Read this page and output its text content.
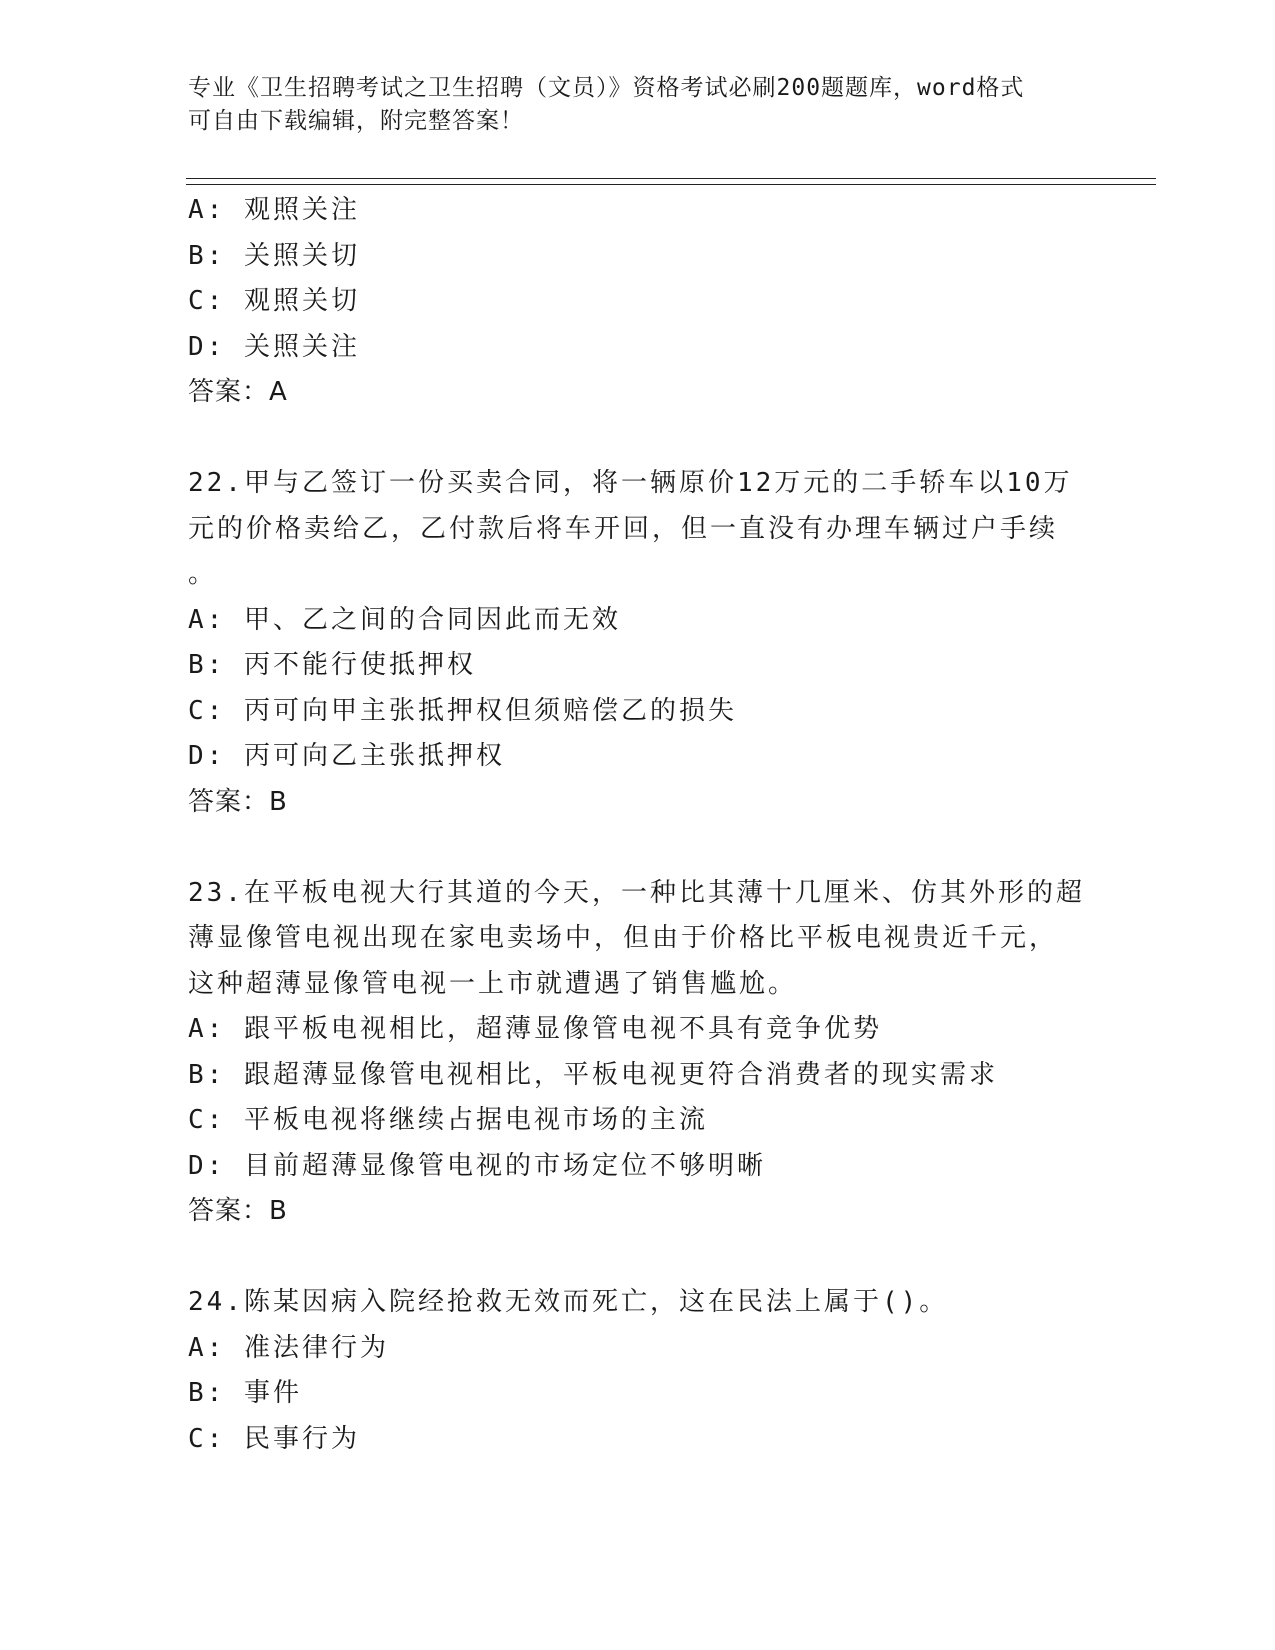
专业《卫生招聘考试之卫生招聘（文员）》资格考试必刷200题题库，word格式
可自由下载编辑，附完整答案！
A: 观照关注
B: 关照关切
C: 观照关切
D: 关照关注
答案：A
22.甲与乙签订一份买卖合同，将一辆原价12万元的二手轿车以10万
元的价格卖给乙，乙付款后将车开回，但一直没有办理车辆过户手续
。
A: 甲、乙之间的合同因此而无效
B: 丙不能行使抵押权
C: 丙可向甲主张抵押权但须赔偿乙的损失
D: 丙可向乙主张抵押权
答案：B
23.在平板电视大行其道的今天，一种比其薄十几厘米、仿其外形的超
薄显像管电视出现在家电卖场中，但由于价格比平板电视贵近千元，
这种超薄显像管电视一上市就遭遇了销售尴尬。
A: 跟平板电视相比，超薄显像管电视不具有竞争优势
B: 跟超薄显像管电视相比，平板电视更符合消费者的现实需求
C: 平板电视将继续占据电视市场的主流
D: 目前超薄显像管电视的市场定位不够明晰
答案：B
24.陈某因病入院经抢救无效而死亡，这在民法上属于()。
A: 准法律行为
B: 事件
C: 民事行为
